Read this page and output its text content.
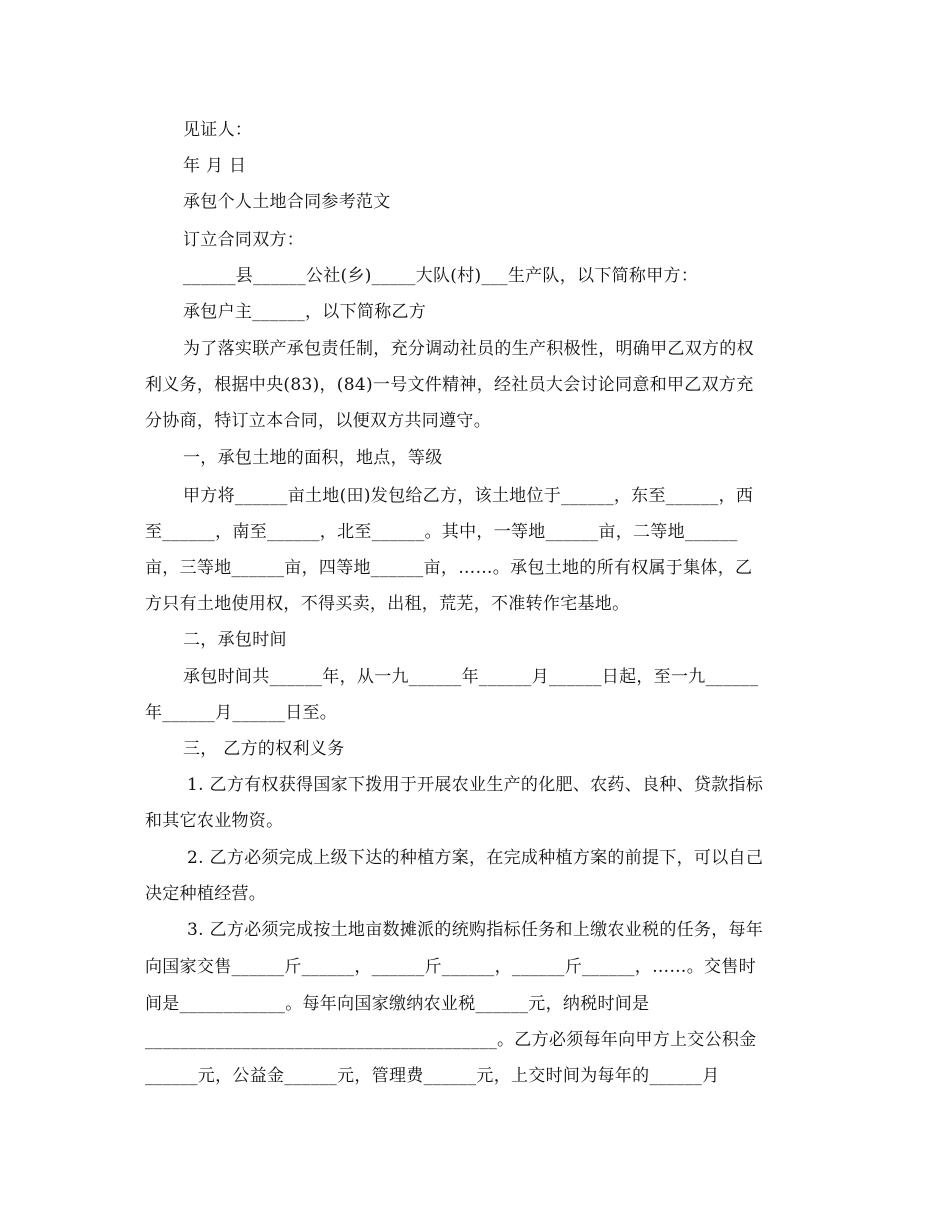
见证人：
年 月 日
承包个人土地合同参考范文
订立合同双方：
______县______公社(乡)_____大队(村)___生产队，以下简称甲方：
承包户主______，以下简称乙方
为了落实联产承包责任制，充分调动社员的生产积极性，明确甲乙双方的权
利义务，根据中央(83)，(84)一号文件精神，经社员大会讨论同意和甲乙双方充
分协商，特订立本合同，以便双方共同遵守。
一，承包土地的面积，地点，等级
甲方将______亩土地(田)发包给乙方，该土地位于______，东至______，西
至______，南至______，北至______。其中，一等地______亩，二等地______
亩，三等地______亩，四等地______亩，……。承包土地的所有权属于集体，乙
方只有土地使用权，不得买卖，出租，荒芜，不准转作宅基地。
二，承包时间
承包时间共______年，从一九______年______月______日起，至一九______
年______月______日至。
三， 乙方的权利义务
1. 乙方有权获得国家下拨用于开展农业生产的化肥、农药、良种、贷款指标
和其它农业物资。
2. 乙方必须完成上级下达的种植方案，在完成种植方案的前提下，可以自己
决定种植经营。
3. 乙方必须完成按土地亩数摊派的统购指标任务和上缴农业税的任务，每年
向国家交售______斤______，______斤______，______斤______，……。交售时
间是____________。每年向国家缴纳农业税______元，纳税时间是
________________________________________。乙方必须每年向甲方上交公积金
______元，公益金______元，管理费______元，上交时间为每年的______月
